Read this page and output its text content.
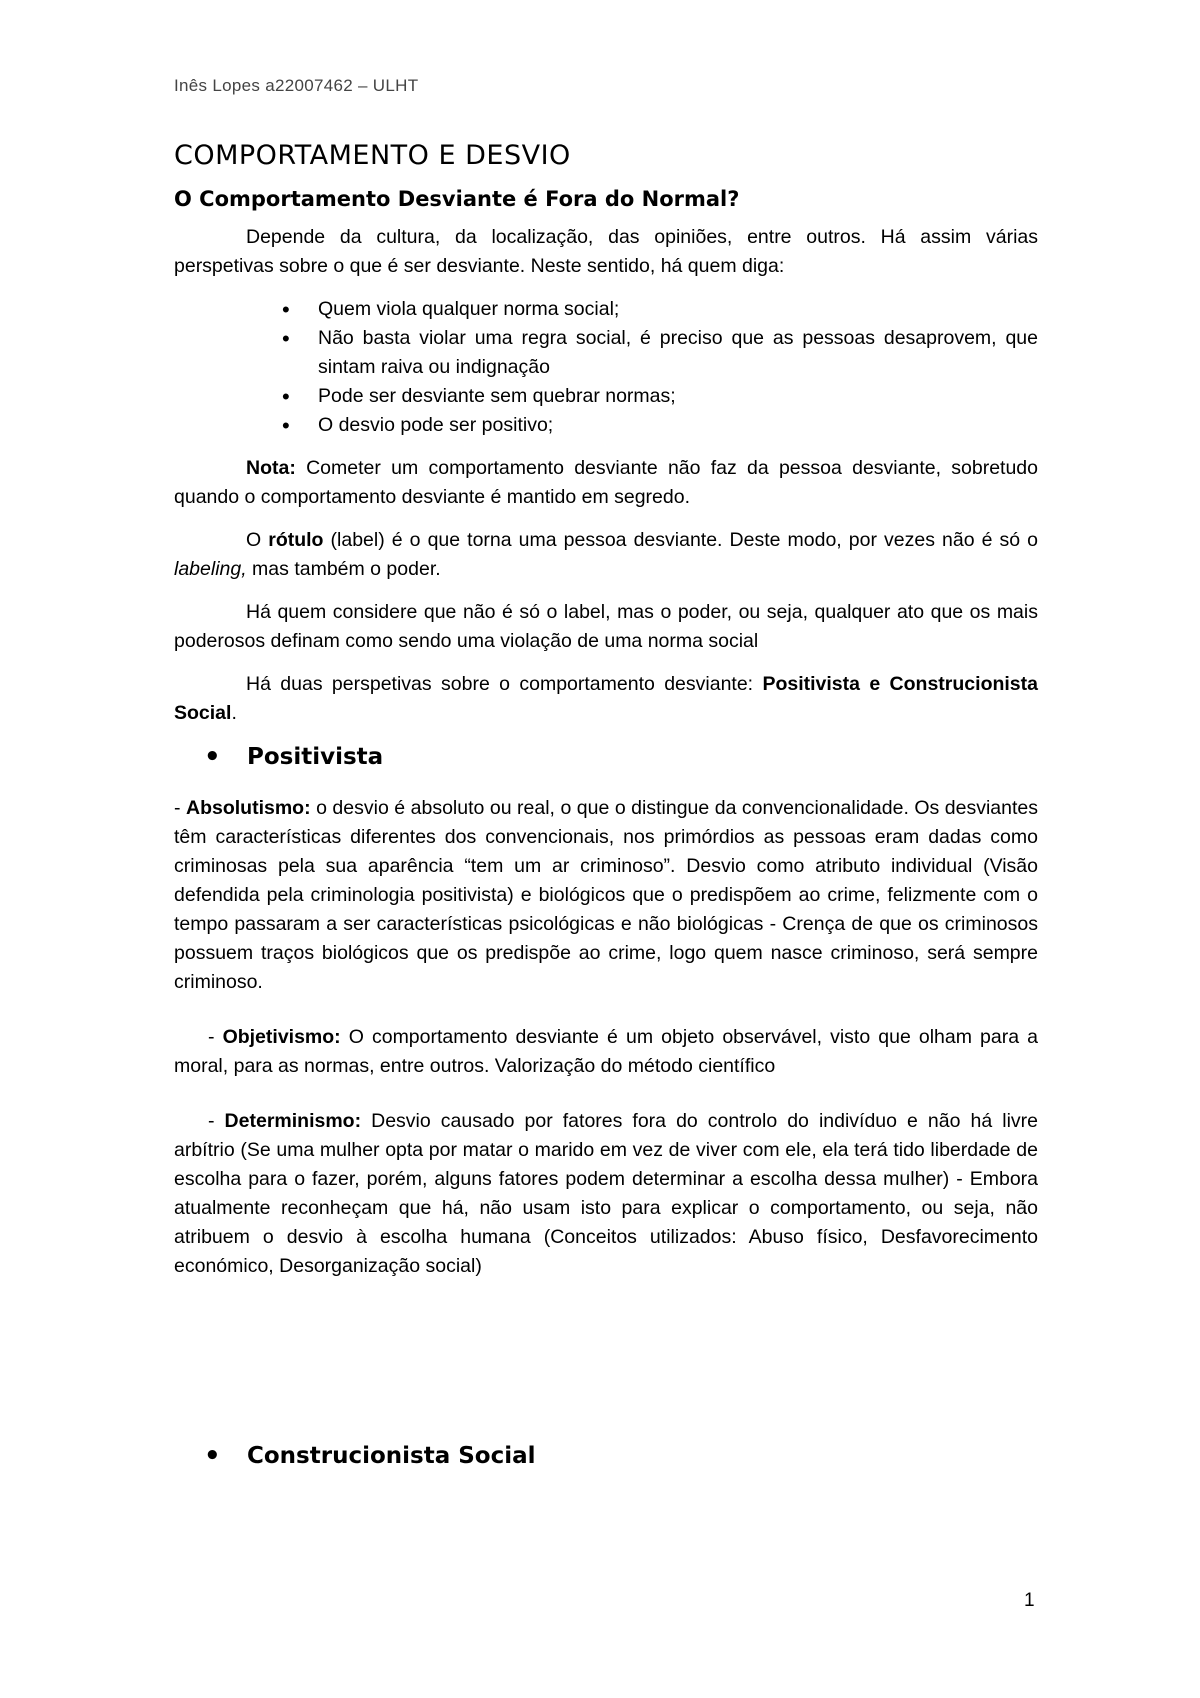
Inês Lopes a22007462 – ULHT
COMPORTAMENTO E DESVIO
O Comportamento Desviante é Fora do Normal?

Depende da cultura, da localização, das opiniões, entre outros. Há assim várias perspetivas sobre o que é ser desviante. Neste sentido, há quem diga:

• Quem viola qualquer norma social;
• Não basta violar uma regra social, é preciso que as pessoas desaprovem, que sintam raiva ou indignação
• Pode ser desviante sem quebrar normas;
• O desvio pode ser positivo;

Nota: Cometer um comportamento desviante não faz da pessoa desviante, sobretudo quando o comportamento desviante é mantido em segredo.

O rótulo (label) é o que torna uma pessoa desviante. Deste modo, por vezes não é só o labeling, mas também o poder.

Há quem considere que não é só o label, mas o poder, ou seja, qualquer ato que os mais poderosos definam como sendo uma violação de uma norma social

Há duas perspetivas sobre o comportamento desviante: Positivista e Construcionista Social.

• Positivista

- Absolutismo: o desvio é absoluto ou real, o que o distingue da convencionalidade. Os desviantes têm características diferentes dos convencionais, nos primórdios as pessoas eram dadas como criminosas pela sua aparência “tem um ar criminoso”. Desvio como atributo individual (Visão defendida pela criminologia positivista) e biológicos que o predispõem ao crime, felizmente com o tempo passaram a ser características psicológicas e não biológicas - Crença de que os criminosos possuem traços biológicos que os predispõe ao crime, logo quem nasce criminoso, será sempre criminoso.

- Objetivismo: O comportamento desviante é um objeto observável, visto que olham para a moral, para as normas, entre outros. Valorização do método científico

- Determinismo: Desvio causado por fatores fora do controlo do indivíduo e não há livre arbítrio (Se uma mulher opta por matar o marido em vez de viver com ele, ela terá tido liberdade de escolha para o fazer, porém, alguns fatores podem determinar a escolha dessa mulher) - Embora atualmente reconheçam que há, não usam isto para explicar o comportamento, ou seja, não atribuem o desvio à escolha humana (Conceitos utilizados: Abuso físico, Desfavorecimento económico, Desorganização social)

• Construcionista Social
1
